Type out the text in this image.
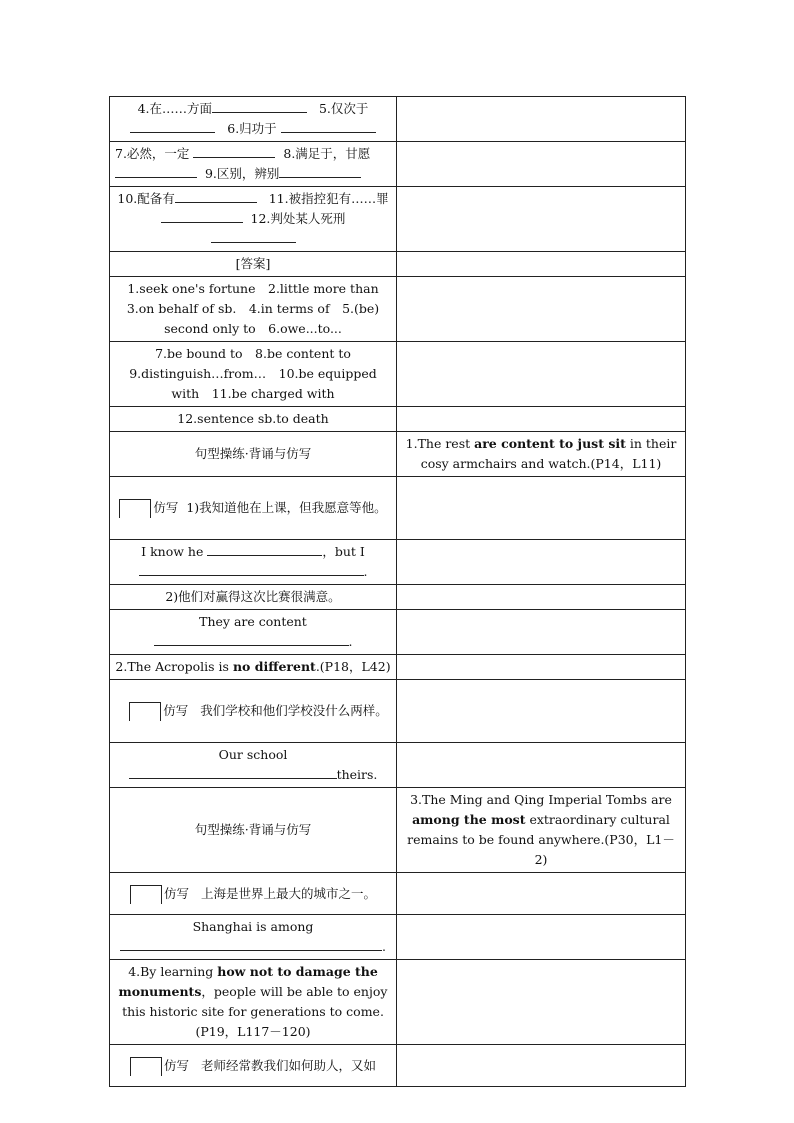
4.在……方面 5.仅次于
6.归功于	
7.必然，一定 8.满足于，甘愿  9.区别，辨别	
10.配备有 11.被指控犯有……罪   12.判处某人死刑

[答案]	
1.seek one's fortune　2.little more than　3.on behalf of sb.　4.in terms of　5.(be) second only to　6.owe...to...	
7.be bound to　8.be content to　9.distinguish…from…　10.be equipped with　11.be charged with	
12.sentence sb.to death	
句型操练·背诵与仿写	1.The rest are content to just sit in their cosy armchairs and watch.(P14，L11)
仿写 1)我知道他在上课，但我愿意等他。	
I know he ，but I
.	
2)他们对赢得这次比赛很满意。	
They are content
.	
2.The Acropolis is no different.(P18，L42)	
仿写 我们学校和他们学校没什么两样。	
Our school
theirs.	
句型操练·背诵与仿写	3.The Ming and Qing Imperial Tombs are among the most extraordinary cultural remains to be found anywhere.(P30，L1－2)
仿写 上海是世界上最大的城市之一。	
Shanghai is among
.	
4.By learning how not to damage the monuments，people will be able to enjoy this historic site for generations to come.(P19，L117－120)	
仿写 老师经常教我们如何助人，又如	
